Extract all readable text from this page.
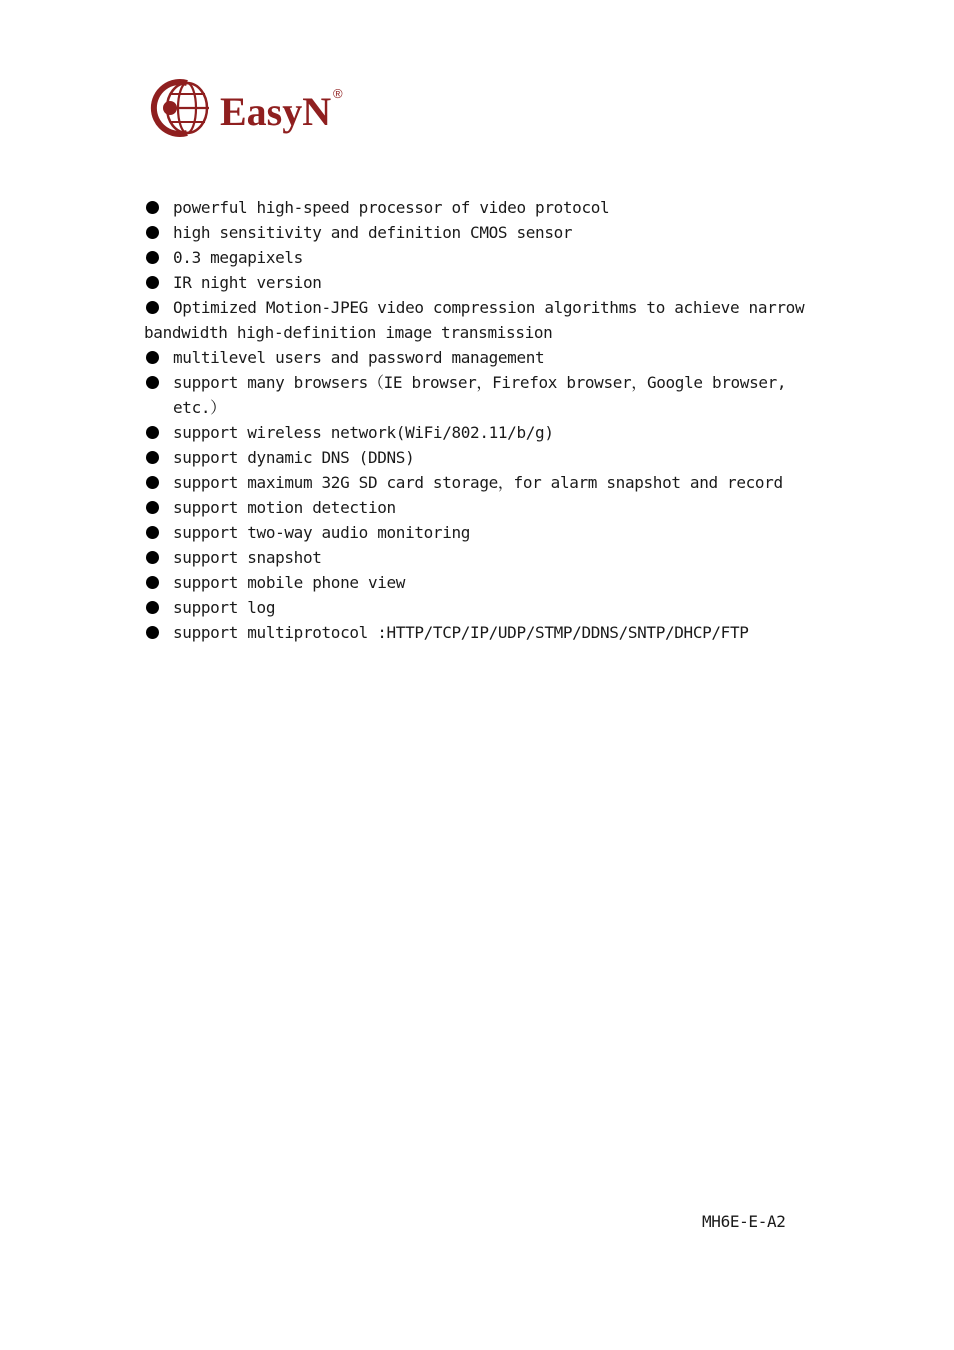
EasyN ®
powerful high-speed processor of video protocol
high sensitivity and definition CMOS sensor
0.3 megapixels
IR night version
Optimized Motion-JPEG video compression algorithms to achieve narrow bandwidth high-definition image transmission
multilevel users and password management
support many browsers（IE browser，Firefox browser，Google browser, etc.）
support wireless network(WiFi/802.11/b/g)
support dynamic DNS (DDNS)
support maximum 32G SD card storage，for alarm snapshot and record
support motion detection
support two-way audio monitoring
support snapshot
support mobile phone view
support log
support multiprotocol :HTTP/TCP/IP/UDP/STMP/DDNS/SNTP/DHCP/FTP
MH6E-E-A2
